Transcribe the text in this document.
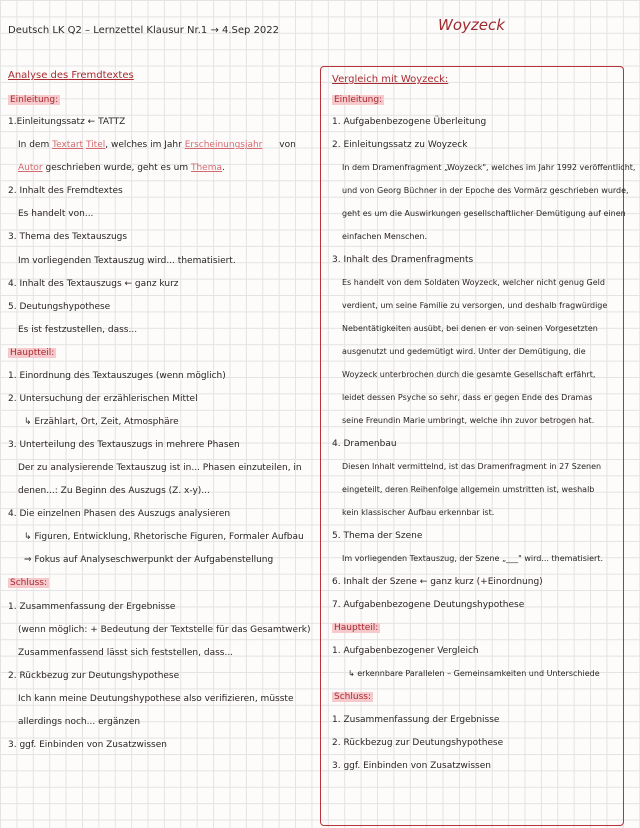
Deutsch LK Q2 – Lernzettel Klausur Nr.1 → 4.Sep 2022	Woyzeck
Analyse des Fremdtextes
Einleitung:
1.Einleitungssatz ← TATTZ
In dem Textart Titel, welches im Jahr Erscheinungsjahr von
Autor geschrieben wurde, geht es um Thema.
2. Inhalt des Fremdtextes
Es handelt von...
3. Thema des Textauszugs
Im vorliegenden Textauszug wird... thematisiert.
4. Inhalt des Textauszugs ← ganz kurz
5. Deutungshypothese
Es ist festzustellen, dass...
Hauptteil:
1. Einordnung des Textauszuges (wenn möglich)
2. Untersuchung der erzählerischen Mittel
↳ Erzählart, Ort, Zeit, Atmosphäre
3. Unterteilung des Textauszugs in mehrere Phasen
Der zu analysierende Textauszug ist in... Phasen einzuteilen, in
denen...: Zu Beginn des Auszugs (Z. x-y)...
4. Die einzelnen Phasen des Auszugs analysieren
↳ Figuren, Entwicklung, Rhetorische Figuren, Formaler Aufbau
⇒ Fokus auf Analyseschwerpunkt der Aufgabenstellung
Schluss:
1. Zusammenfassung der Ergebnisse
(wenn möglich: + Bedeutung der Textstelle für das Gesamtwerk)
Zusammenfassend lässt sich feststellen, dass...
2. Rückbezug zur Deutungshypothese
Ich kann meine Deutungshypothese also verifizieren, müsste
allerdings noch... ergänzen
3. ggf. Einbinden von Zusatzwissen
Vergleich mit Woyzeck:
Einleitung:
1. Aufgabenbezogene Überleitung
2. Einleitungssatz zu Woyzeck
In dem Dramenfragment „Woyzeck", welches im Jahr 1992 veröffentlicht,
und von Georg Büchner in der Epoche des Vormärz geschrieben wurde,
geht es um die Auswirkungen gesellschaftlicher Demütigung auf einen
einfachen Menschen.
3. Inhalt des Dramenfragments
Es handelt von dem Soldaten Woyzeck, welcher nicht genug Geld
verdient, um seine Familie zu versorgen, und deshalb fragwürdige
Nebentätigkeiten ausübt, bei denen er von seinen Vorgesetzten
ausgenutzt und gedemütigt wird. Unter der Demütigung, die
Woyzeck unterbrochen durch die gesamte Gesellschaft erfährt,
leidet dessen Psyche so sehr, dass er gegen Ende des Dramas
seine Freundin Marie umbringt, welche ihn zuvor betrogen hat.
4. Dramenbau
Diesen Inhalt vermittelnd, ist das Dramenfragment in 27 Szenen
eingeteilt, deren Reihenfolge allgemein umstritten ist, weshalb
kein klassischer Aufbau erkennbar ist.
5. Thema der Szene
Im vorliegenden Textauszug, der Szene „___" wird... thematisiert.
6. Inhalt der Szene ← ganz kurz (+Einordnung)
7. Aufgabenbezogene Deutungshypothese
Hauptteil:
1. Aufgabenbezogener Vergleich
↳ erkennbare Parallelen – Gemeinsamkeiten und Unterschiede
Schluss:
1. Zusammenfassung der Ergebnisse
2. Rückbezug zur Deutungshypothese
3. ggf. Einbinden von Zusatzwissen
